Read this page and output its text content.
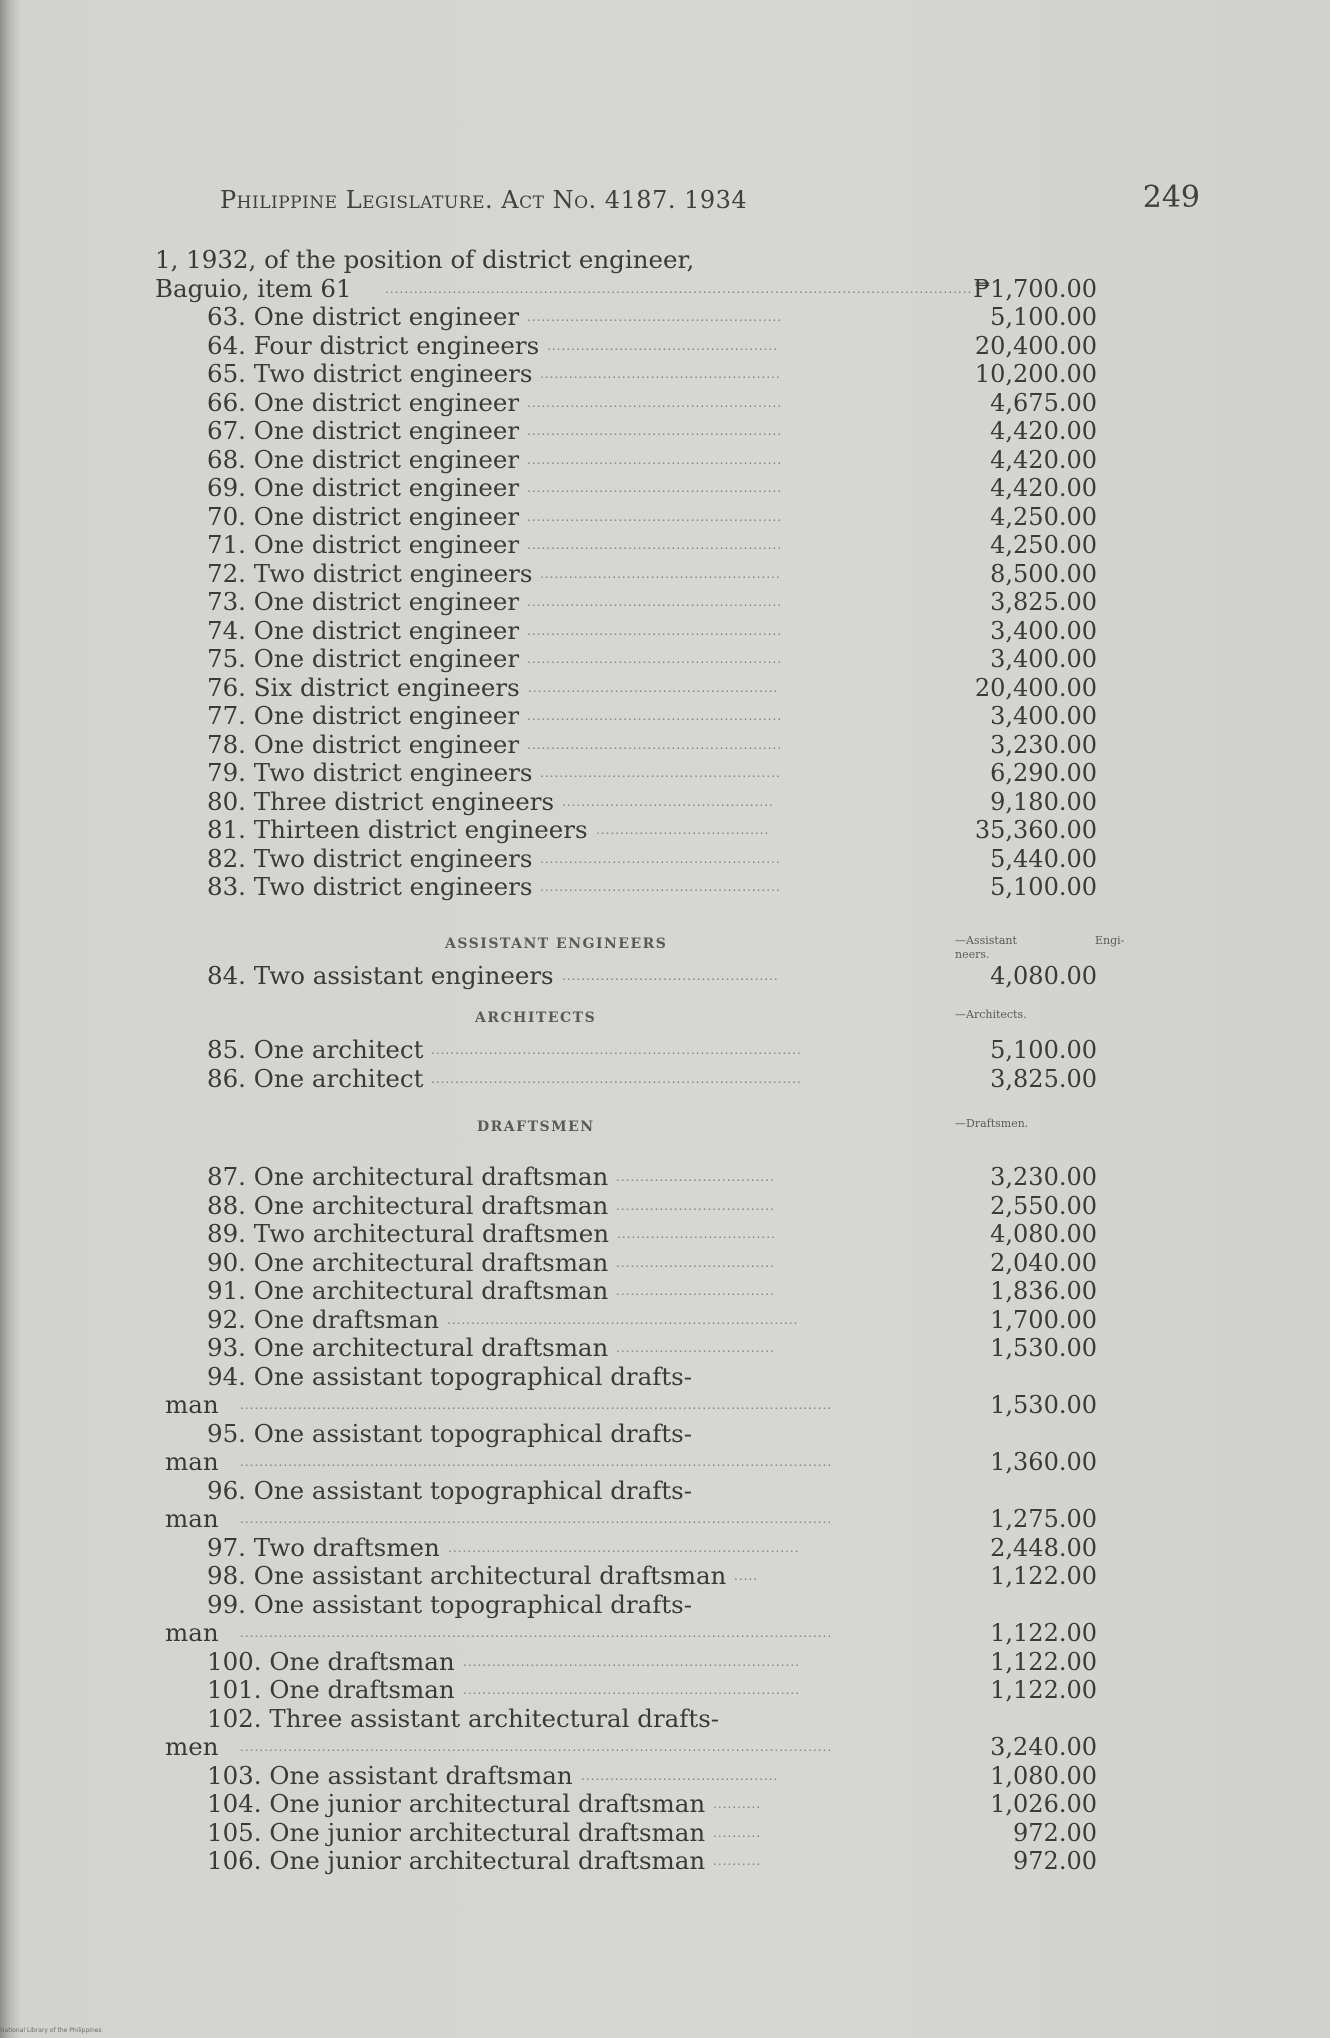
Philippine Legislature. Act No. 4187. 1934	249
1, 1932, of the position of district engineer,
Baguio, item 61	.......................................................................................................................... ₱1,700.00
63. One district engineer .....................................................	5,100.00
64. Four district engineers ................................................	20,400.00
65. Two district engineers ..................................................	10,200.00
66. One district engineer .....................................................	4,675.00
67. One district engineer .....................................................	4,420.00
68. One district engineer .....................................................	4,420.00
69. One district engineer .....................................................	4,420.00
70. One district engineer .....................................................	4,250.00
71. One district engineer .....................................................	4,250.00
72. Two district engineers ..................................................	8,500.00
73. One district engineer .....................................................	3,825.00
74. One district engineer .....................................................	3,400.00
75. One district engineer .....................................................	3,400.00
76. Six district engineers ....................................................	20,400.00
77. One district engineer .....................................................	3,400.00
78. One district engineer .....................................................	3,230.00
79. Two district engineers ..................................................	6,290.00
80. Three district engineers ............................................	9,180.00
81. Thirteen district engineers ....................................	35,360.00
82. Two district engineers ..................................................	5,440.00
83. Two district engineers ..................................................	5,100.00
ASSISTANT ENGINEERS	—Assistant	Engi-

neers.
84. Two assistant engineers .............................................	4,080.00
ARCHITECTS	—Architects.
85. One architect .............................................................................	5,100.00
86. One architect .............................................................................	3,825.00
DRAFTSMEN	—Draftsmen.
87. One architectural draftsman .................................	3,230.00
88. One architectural draftsman .................................	2,550.00
89. Two architectural draftsmen .................................	4,080.00
90. One architectural draftsman .................................	2,040.00
91. One architectural draftsman .................................	1,836.00
92. One draftsman .........................................................................	1,700.00
93. One architectural draftsman .................................	1,530.00
94. One assistant topographical drafts-
man ...........................................................................................................................	1,530.00
95. One assistant topographical drafts-
man ...........................................................................................................................	1,360.00
96. One assistant topographical drafts-
man ...........................................................................................................................	1,275.00
97. Two draftsmen .........................................................................	2,448.00
98. One assistant architectural draftsman .....	1,122.00
99. One assistant topographical drafts-
man ...........................................................................................................................	1,122.00
100. One draftsman ......................................................................	1,122.00
101. One draftsman ......................................................................	1,122.00
102. Three assistant architectural drafts-
men ...........................................................................................................................	3,240.00
103. One assistant draftsman .........................................	1,080.00
104. One junior architectural draftsman ..........	1,026.00
105. One junior architectural draftsman ..........	972.00
106. One junior architectural draftsman ..........	972.00
National Library of the Philippines
